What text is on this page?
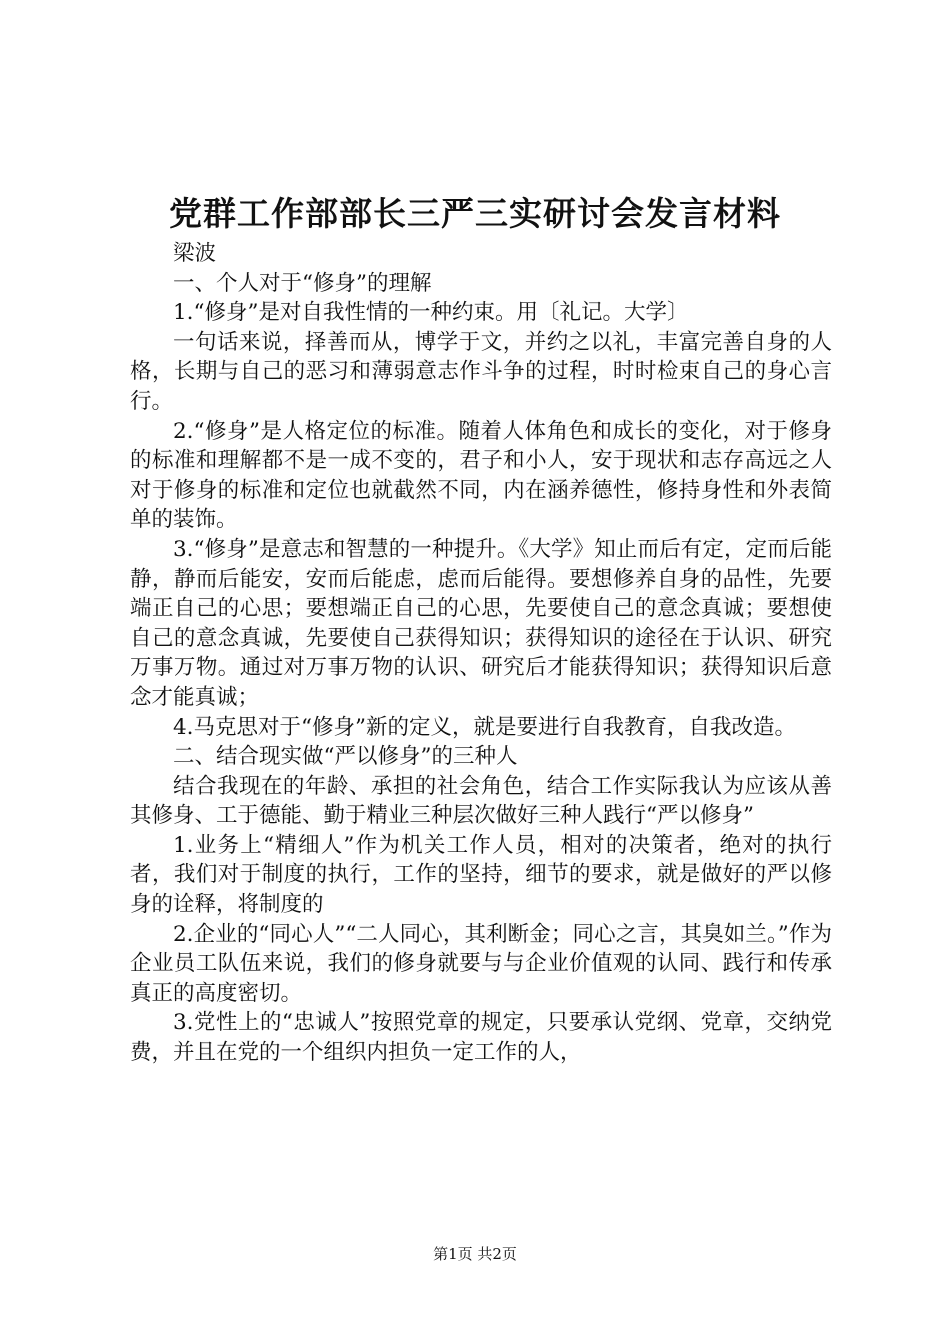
党群工作部部长三严三实研讨会发言材料

梁波

一、个人对于“修身”的理解

1.“修身”是对自我性情的一种约束。用〔礼记。大学〕

一句话来说，择善而从，博学于文，并约之以礼，丰富完善自身的人格，长期与自己的恶习和薄弱意志作斗争的过程，时时检束自己的身心言行。

2.“修身”是人格定位的标准。随着人体角色和成长的变化，对于修身的标准和理解都不是一成不变的，君子和小人，安于现状和志存高远之人对于修身的标准和定位也就截然不同，内在涵养德性，修持身性和外表简单的装饰。

3.“修身”是意志和智慧的一种提升。《大学》知止而后有定，定而后能静，静而后能安，安而后能虑，虑而后能得。要想修养自身的品性，先要端正自己的心思；要想端正自己的心思，先要使自己的意念真诚；要想使自己的意念真诚，先要使自己获得知识；获得知识的途径在于认识、研究万事万物。通过对万事万物的认识、研究后才能获得知识；获得知识后意念才能真诚；

4.马克思对于“修身”新的定义，就是要进行自我教育，自我改造。

二、结合现实做“严以修身”的三种人

结合我现在的年龄、承担的社会角色，结合工作实际我认为应该从善其修身、工于德能、勤于精业三种层次做好三种人践行“严以修身”

1.业务上“精细人”作为机关工作人员，相对的决策者，绝对的执行者，我们对于制度的执行，工作的坚持，细节的要求，就是做好的严以修身的诠释，将制度的

2.企业的“同心人”“二人同心，其利断金；同心之言，其臭如兰。”作为企业员工队伍来说，我们的修身就要与与企业价值观的认同、践行和传承真正的高度密切。

3.党性上的“忠诚人”按照党章的规定，只要承认党纲、党章，交纳党费，并且在党的一个组织内担负一定工作的人，

第1页 共2页
